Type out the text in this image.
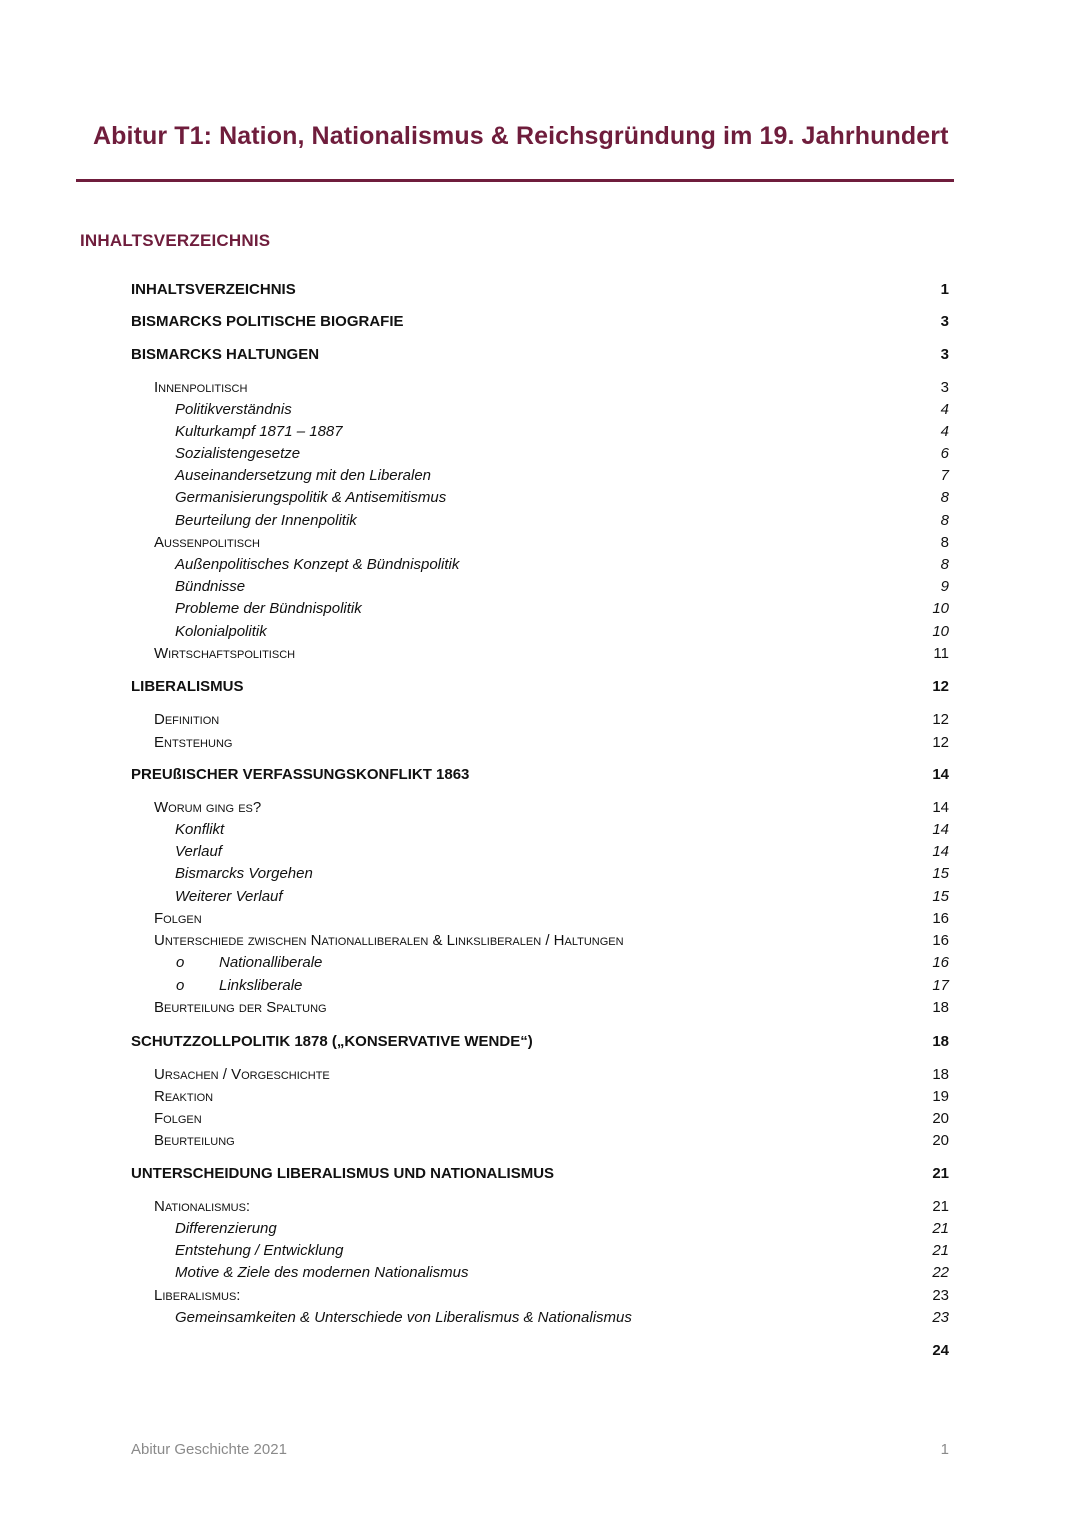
Abitur T1: Nation, Nationalismus & Reichsgründung im 19. Jahrhundert
INHALTSVERZEICHNIS
INHALTSVERZEICHNIS	1
BISMARCKS POLITISCHE BIOGRAFIE	3
BISMARCKS HALTUNGEN	3
Innenpolitisch	3
Politikverständnis	4
Kulturkampf 1871 – 1887	4
Sozialistengesetze	6
Auseinandersetzung mit den Liberalen	7
Germanisierungspolitik & Antisemitismus	8
Beurteilung der Innenpolitik	8
Außenpolitisch	8
Außenpolitisches Konzept & Bündnispolitik	8
Bündnisse	9
Probleme der Bündnispolitik	10
Kolonialpolitik	10
Wirtschaftspolitisch	11
LIBERALISMUS	12
Definition	12
Entstehung	12
PREUßISCHER VERFASSUNGSKONFLIKT 1863	14
Worum ging es?	14
Konflikt	14
Verlauf	14
Bismarcks Vorgehen	15
Weiterer Verlauf	15
Folgen	16
Unterschiede zwischen Nationalliberalen & Linksliberalen / Haltungen	16
o Nationalliberale	16
o Linksliberale	17
Beurteilung der Spaltung	18
SCHUTZZOLLPOLITIK 1878 („KONSERVATIVE WENDE“)	18
Ursachen / Vorgeschichte	18
Reaktion	19
Folgen	20
Beurteilung	20
UNTERSCHEIDUNG LIBERALISMUS UND NATIONALISMUS	21
Nationalismus:	21
Differenzierung	21
Entstehung / Entwicklung	21
Motive & Ziele des modernen Nationalismus	22
Liberalismus:	23
Gemeinsamkeiten & Unterschiede von Liberalismus & Nationalismus	23
24
Abitur Geschichte 2021	1
